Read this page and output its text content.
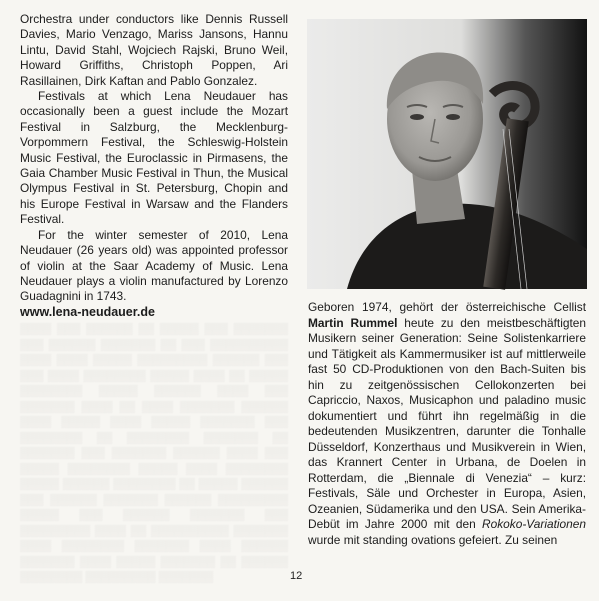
Orchestra under conductors like Dennis Russell Davies, Mario Venzago, Mariss Jansons, Hannu Lintu, David Stahl, Wojciech Rajski, Bruno Weil, Howard Griffiths, Christoph Poppen, Ari Rasillainen, Dirk Kaftan and Pablo Gonzalez.

Festivals at which Lena Neudauer has occasionally been a guest include the Mozart Festival in Salzburg, the Mecklenburg-Vorpommern Festival, the Schleswig-Holstein Music Festival, the Euroclassic in Pirmasens, the Gaia Chamber Music Festival in Thun, the Musical Olympus Festival in St. Petersburg, Chopin and his Europe Festival in Warsaw and the Flanders Festival.

For the winter semester of 2010, Lena Neudauer (26 years old) was appointed professor of violin at the Saar Academy of Music. Lena Neudauer plays a violin manufactured by Lorenzo Guadagnini in 1743.

www.lena-neudauer.de
▒▒▒▒ ▒▒▒ ▒▒▒▒▒▒ ▒▒ ▒▒▒▒▒ ▒▒▒ ▒▒▒▒▒▒▒ ▒▒▒ ▒▒▒▒▒▒ ▒▒▒▒▒▒▒ ▒▒ ▒▒▒ ▒▒▒▒▒▒▒▒▒▒ ▒▒▒▒ ▒▒▒▒ ▒▒▒▒▒ ▒▒▒▒▒▒▒▒▒ ▒▒▒▒▒▒ ▒▒▒ ▒▒▒ ▒▒▒▒ ▒▒▒▒▒▒▒▒ ▒▒▒▒▒ ▒▒▒▒ ▒▒ ▒▒▒▒▒ ▒▒▒▒▒▒▒▒ ▒▒▒▒▒ ▒▒▒▒▒▒ ▒▒▒▒ ▒▒▒ ▒▒▒▒▒▒▒ ▒▒▒▒ ▒▒ ▒▒▒▒ ▒▒▒▒▒▒▒ ▒▒▒▒▒▒ ▒▒▒▒ ▒▒▒▒▒ ▒▒▒▒ ▒▒▒▒▒ ▒▒▒▒▒▒▒ ▒▒▒ ▒▒▒▒▒▒▒▒ ▒▒ ▒▒▒▒▒▒▒▒ ▒▒▒▒▒▒▒ ▒▒ ▒▒▒▒▒▒▒ ▒▒▒ ▒▒▒▒▒▒▒ ▒▒▒▒▒▒ ▒▒▒▒ ▒▒▒ ▒▒▒▒▒ ▒▒▒▒▒▒▒▒ ▒▒▒▒▒ ▒▒▒▒ ▒▒▒▒▒▒▒▒ ▒▒▒▒▒ ▒▒▒▒▒▒ ▒▒▒▒▒▒▒▒ ▒▒ ▒▒▒▒▒ ▒▒▒▒▒▒ ▒▒▒ ▒▒▒▒▒▒ ▒▒▒▒▒▒▒ ▒▒▒▒▒▒ ▒▒▒▒▒▒▒▒▒ ▒▒▒▒▒ ▒▒▒ ▒▒▒▒▒▒ ▒▒▒▒▒▒▒ ▒▒▒ ▒▒▒▒▒▒▒▒▒ ▒▒▒▒ ▒▒ ▒▒▒▒▒▒▒▒▒▒ ▒▒▒▒▒▒▒ ▒▒▒▒ ▒▒▒▒▒▒▒▒ ▒▒▒▒▒▒▒ ▒▒▒▒ ▒▒▒▒▒▒ ▒▒▒▒▒▒▒ ▒▒▒▒ ▒▒▒▒▒ ▒▒▒▒▒▒▒ ▒▒ ▒▒▒▒▒▒ ▒▒▒▒▒▒▒▒ ▒▒▒▒▒▒▒▒▒ ▒▒▒▒▒▒▒

Geboren 1974, gehört der österreichische Cellist Martin Rummel heute zu den meistbeschäftigten Musikern seiner Generation: Seine Solistenkarriere und Tätigkeit als Kammermusiker ist auf mittlerweile fast 50 CD-Produktionen von den Bach-Suiten bis hin zu zeitgenössischen Cellokonzerten bei Capriccio, Naxos, Musicaphon und paladino music dokumentiert und führt ihn regelmäßig in die bedeutenden Musikzentren, darunter die Tonhalle Düsseldorf, Konzerthaus und Musikverein in Wien, das Krannert Center in Urbana, de Doelen in Rotterdam, die „Biennale di Venezia“ – kurz: Festivals, Säle und Orchester in Europa, Asien, Ozeanien, Südamerika und den USA. Sein Amerika-Debüt im Jahre 2000 mit den Rokoko-Variationen wurde mit standing ovations gefeiert. Zu seinen

12
